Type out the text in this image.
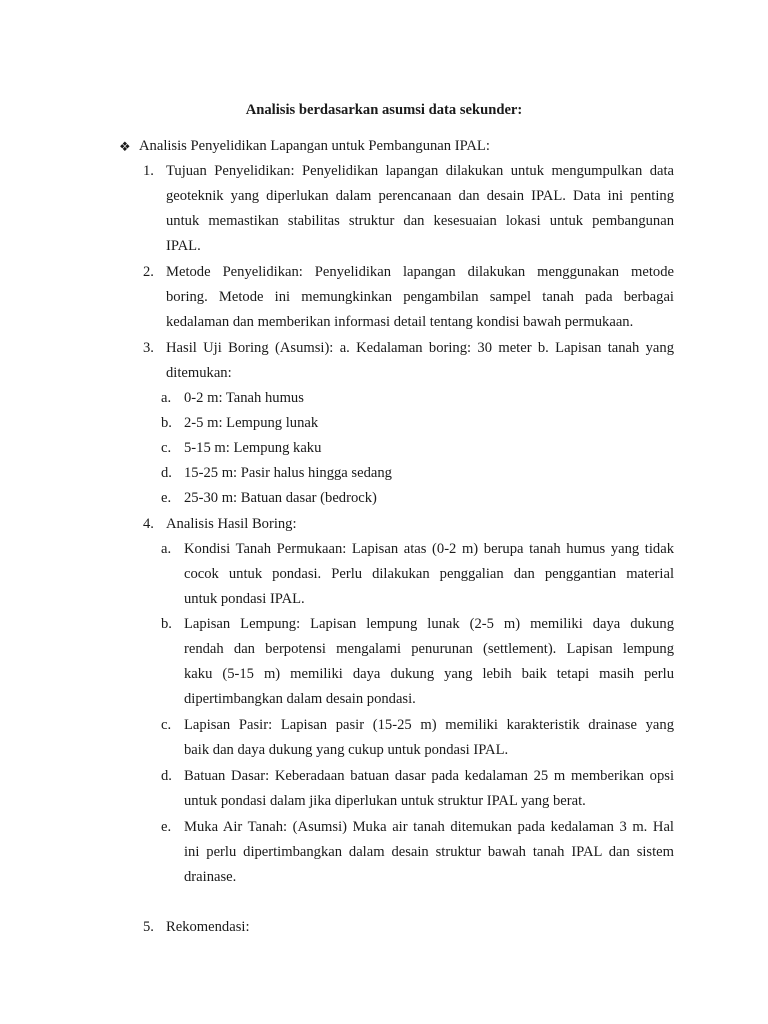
Analisis berdasarkan asumsi data sekunder:
❖ Analisis Penyelidikan Lapangan untuk Pembangunan IPAL:
1. Tujuan Penyelidikan: Penyelidikan lapangan dilakukan untuk mengumpulkan data
geoteknik yang diperlukan dalam perencanaan dan desain IPAL. Data ini penting
untuk memastikan stabilitas struktur dan kesesuaian lokasi untuk pembangunan
IPAL.
2. Metode Penyelidikan: Penyelidikan lapangan dilakukan menggunakan metode
boring. Metode ini memungkinkan pengambilan sampel tanah pada berbagai
kedalaman dan memberikan informasi detail tentang kondisi bawah permukaan.
3. Hasil Uji Boring (Asumsi): a. Kedalaman boring: 30 meter b. Lapisan tanah yang
ditemukan:
a. 0-2 m: Tanah humus
b. 2-5 m: Lempung lunak
c. 5-15 m: Lempung kaku
d. 15-25 m: Pasir halus hingga sedang
e. 25-30 m: Batuan dasar (bedrock)
4. Analisis Hasil Boring:
a. Kondisi Tanah Permukaan: Lapisan atas (0-2 m) berupa tanah humus yang tidak
cocok untuk pondasi. Perlu dilakukan penggalian dan penggantian material
untuk pondasi IPAL.
b. Lapisan Lempung: Lapisan lempung lunak (2-5 m) memiliki daya dukung
rendah dan berpotensi mengalami penurunan (settlement). Lapisan lempung
kaku (5-15 m) memiliki daya dukung yang lebih baik tetapi masih perlu
dipertimbangkan dalam desain pondasi.
c. Lapisan Pasir: Lapisan pasir (15-25 m) memiliki karakteristik drainase yang
baik dan daya dukung yang cukup untuk pondasi IPAL.
d. Batuan Dasar: Keberadaan batuan dasar pada kedalaman 25 m memberikan opsi
untuk pondasi dalam jika diperlukan untuk struktur IPAL yang berat.
e. Muka Air Tanah: (Asumsi) Muka air tanah ditemukan pada kedalaman 3 m. Hal
ini perlu dipertimbangkan dalam desain struktur bawah tanah IPAL dan sistem
drainase.
5. Rekomendasi:
